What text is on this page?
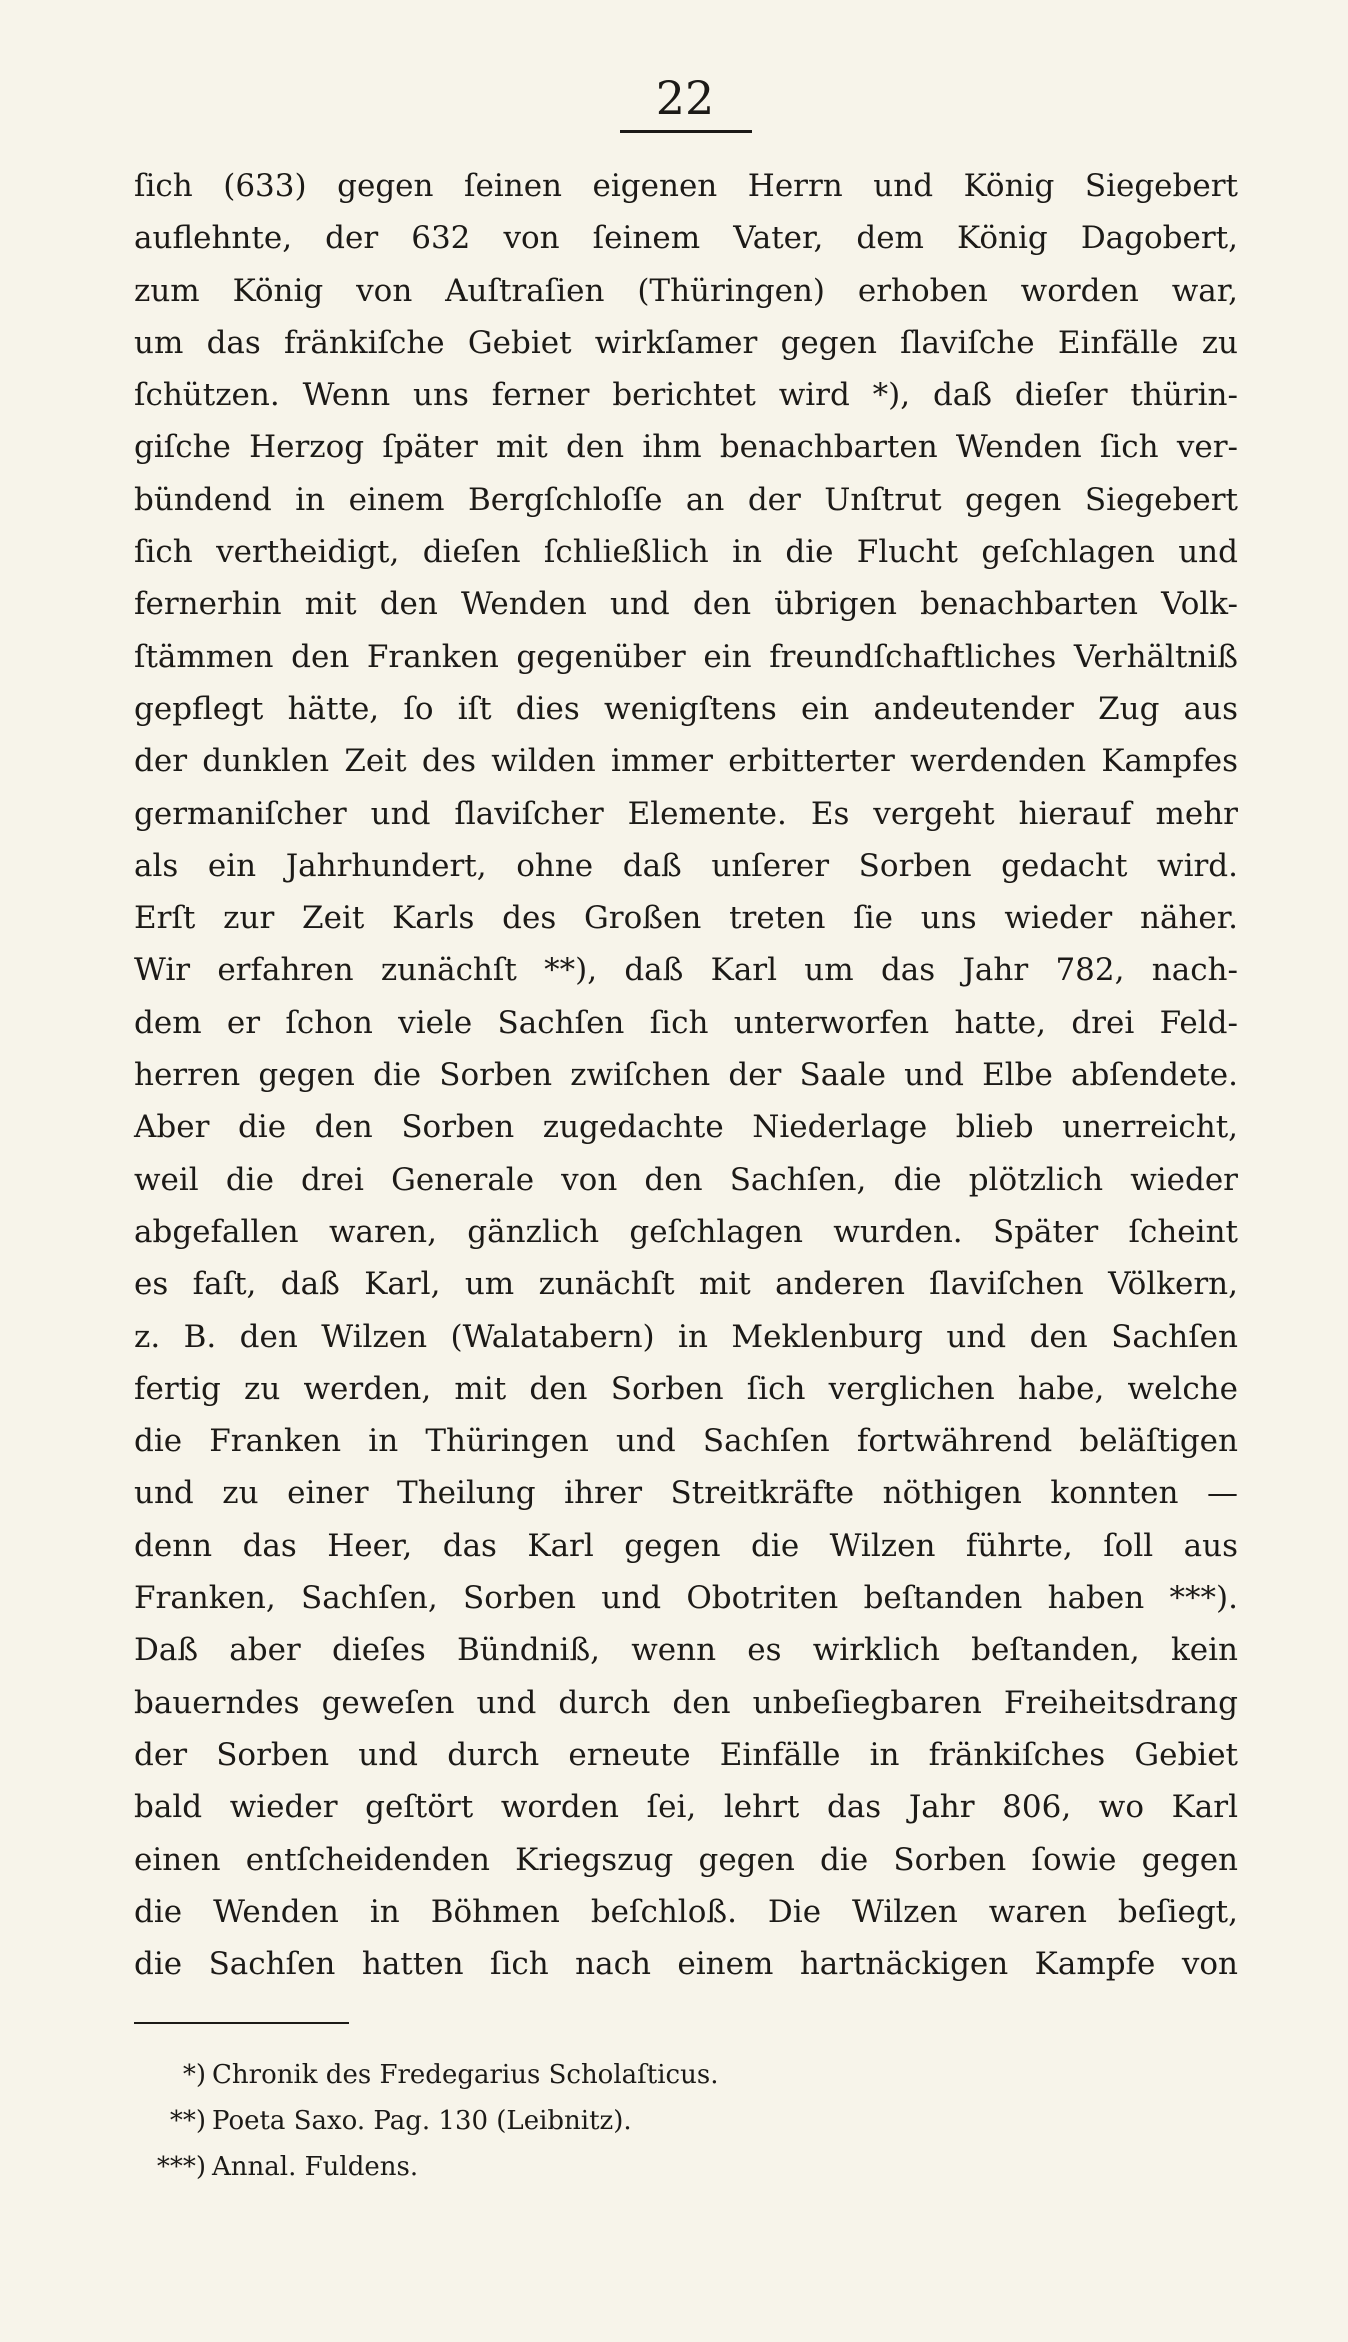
22
ſich (633) gegen ſeinen eigenen Herrn und König Siegebert
auflehnte, der 632 von ſeinem Vater, dem König Dagobert,
zum König von Auſtraſien (Thüringen) erhoben worden war,
um das fränkiſche Gebiet wirkſamer gegen ſlaviſche Einfälle zu
ſchützen. Wenn uns ferner berichtet wird *), daß dieſer thürin-
giſche Herzog ſpäter mit den ihm benachbarten Wenden ſich ver-
bündend in einem Bergſchloſſe an der Unſtrut gegen Siegebert
ſich vertheidigt, dieſen ſchließlich in die Flucht geſchlagen und
fernerhin mit den Wenden und den übrigen benachbarten Volk-
ſtämmen den Franken gegenüber ein freundſchaftliches Verhältniß
gepflegt hätte, ſo iſt dies wenigſtens ein andeutender Zug aus
der dunklen Zeit des wilden immer erbitterter werdenden Kampfes
germaniſcher und ſlaviſcher Elemente. Es vergeht hierauf mehr
als ein Jahrhundert, ohne daß unſerer Sorben gedacht wird.
Erſt zur Zeit Karls des Großen treten ſie uns wieder näher.
Wir erfahren zunächſt **), daß Karl um das Jahr 782, nach-
dem er ſchon viele Sachſen ſich unterworfen hatte, drei Feld-
herren gegen die Sorben zwiſchen der Saale und Elbe abſendete.
Aber die den Sorben zugedachte Niederlage blieb unerreicht,
weil die drei Generale von den Sachſen, die plötzlich wieder
abgefallen waren, gänzlich geſchlagen wurden. Später ſcheint
es faſt, daß Karl, um zunächſt mit anderen ſlaviſchen Völkern,
z. B. den Wilzen (Walatabern) in Meklenburg und den Sachſen
fertig zu werden, mit den Sorben ſich verglichen habe, welche
die Franken in Thüringen und Sachſen fortwährend beläſtigen
und zu einer Theilung ihrer Streitkräfte nöthigen konnten —
denn das Heer, das Karl gegen die Wilzen führte, ſoll aus
Franken, Sachſen, Sorben und Obotriten beſtanden haben ***).
Daß aber dieſes Bündniß, wenn es wirklich beſtanden, kein
bauerndes geweſen und durch den unbeſiegbaren Freiheitsdrang
der Sorben und durch erneute Einfälle in fränkiſches Gebiet
bald wieder geſtört worden ſei, lehrt das Jahr 806, wo Karl
einen entſcheidenden Kriegszug gegen die Sorben ſowie gegen
die Wenden in Böhmen beſchloß. Die Wilzen waren beſiegt,
die Sachſen hatten ſich nach einem hartnäckigen Kampfe von
*) Chronik des Fredegarius Scholaſticus.
**) Poeta Saxo. Pag. 130 (Leibnitz).
***) Annal. Fuldens.
